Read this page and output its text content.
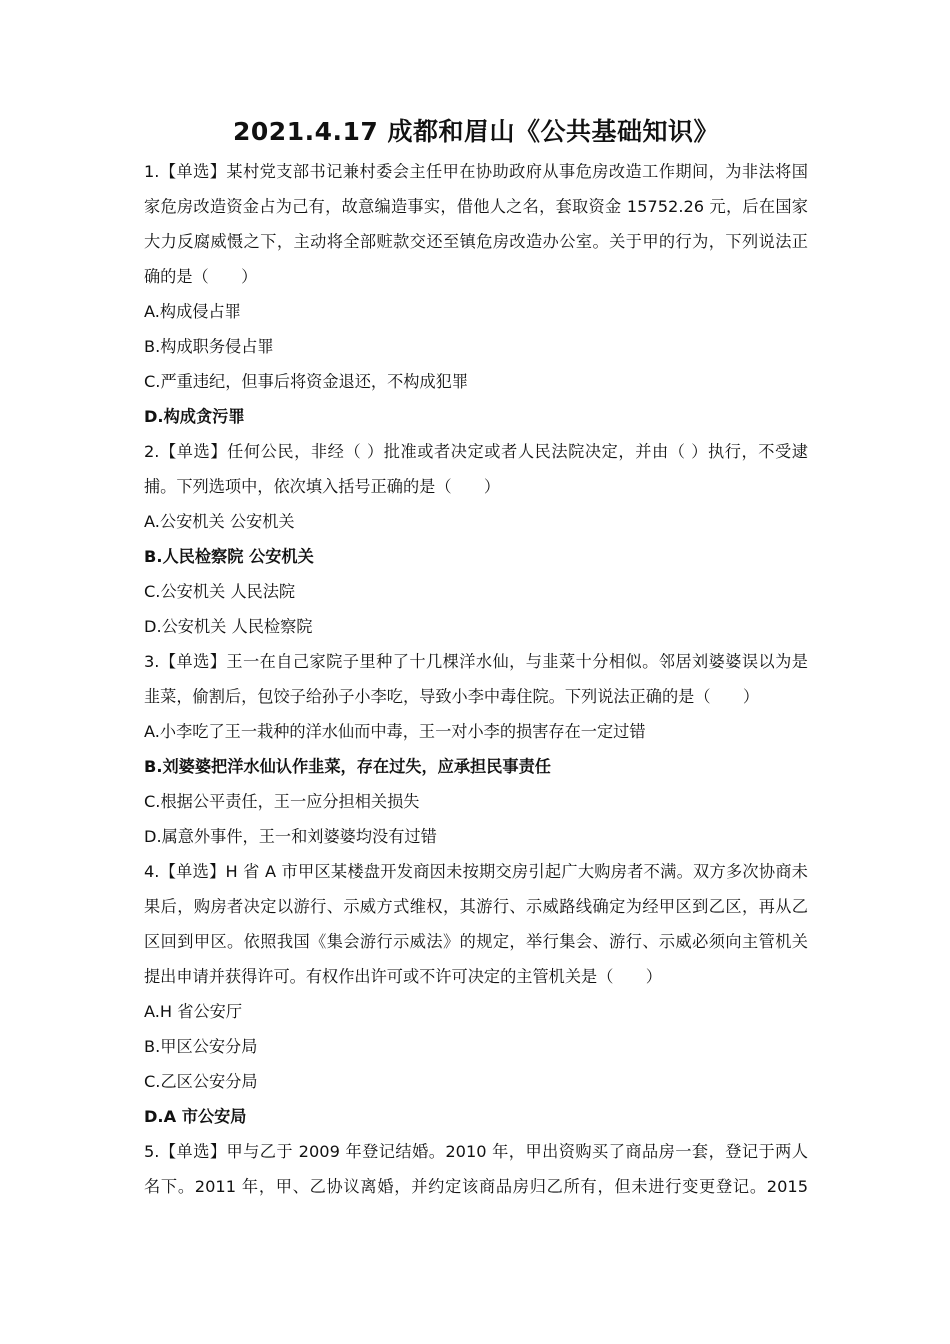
2021.4.17 成都和眉山《公共基础知识》

1.【单选】某村党支部书记兼村委会主任甲在协助政府从事危房改造工作期间，为非法将国

家危房改造资金占为己有，故意编造事实，借他人之名，套取资金 15752.26 元，后在国家

大力反腐威慑之下，主动将全部赃款交还至镇危房改造办公室。关于甲的行为，下列说法正

确的是（　　）

A.构成侵占罪

B.构成职务侵占罪

C.严重违纪，但事后将资金退还，不构成犯罪

D.构成贪污罪

2.【单选】任何公民，非经（ ）批准或者决定或者人民法院决定，并由（ ）执行，不受逮

捕。下列选项中，依次填入括号正确的是（　　）

A.公安机关 公安机关

B.人民检察院 公安机关

C.公安机关 人民法院

D.公安机关 人民检察院

3.【单选】王一在自己家院子里种了十几棵洋水仙，与韭菜十分相似。邻居刘婆婆误以为是

韭菜，偷割后，包饺子给孙子小李吃，导致小李中毒住院。下列说法正确的是（　　）

A.小李吃了王一栽种的洋水仙而中毒，王一对小李的损害存在一定过错

B.刘婆婆把洋水仙认作韭菜，存在过失，应承担民事责任

C.根据公平责任，王一应分担相关损失

D.属意外事件，王一和刘婆婆均没有过错

4.【单选】H 省 A 市甲区某楼盘开发商因未按期交房引起广大购房者不满。双方多次协商未

果后，购房者决定以游行、示威方式维权，其游行、示威路线确定为经甲区到乙区，再从乙

区回到甲区。依照我国《集会游行示威法》的规定，举行集会、游行、示威必须向主管机关

提出申请并获得许可。有权作出许可或不许可决定的主管机关是（　　）

A.H 省公安厅

B.甲区公安分局

C.乙区公安分局

D.A 市公安局

5.【单选】甲与乙于 2009 年登记结婚。2010 年，甲出资购买了商品房一套，登记于两人

名下。2011 年，甲、乙协议离婚，并约定该商品房归乙所有，但未进行变更登记。2015
